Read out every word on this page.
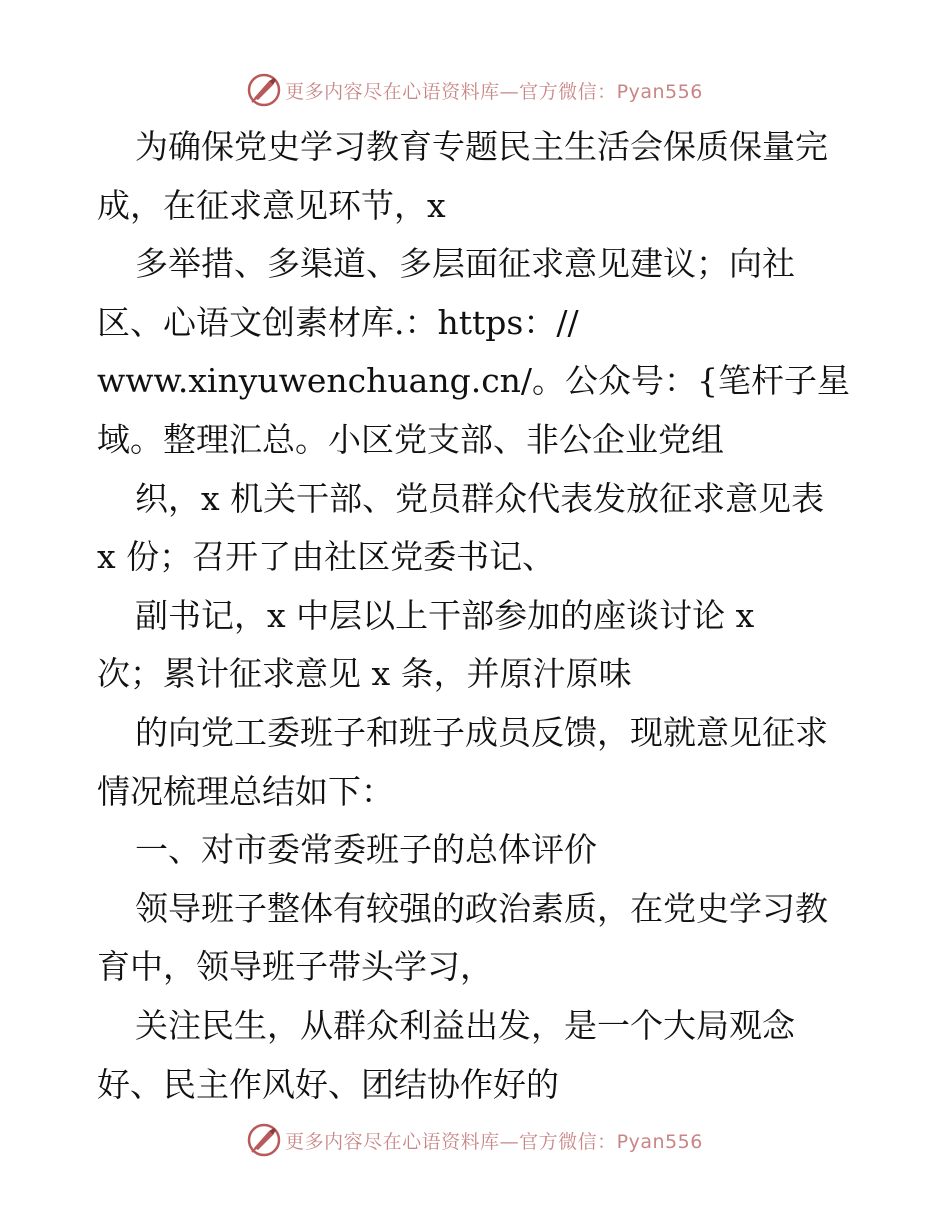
更多内容尽在心语资料库—官方微信：Pyan556
为确保党史学习教育专题民主生活会保质保量完
成，在征求意见环节，x
多举措、多渠道、多层面征求意见建议；向社
区、心语文创素材库.：https：//
www.xinyuwenchuang.cn/。公众号：{笔杆子星
域。整理汇总。小区党支部、非公企业党组
织，x 机关干部、党员群众代表发放征求意见表
x 份；召开了由社区党委书记、
副书记，x 中层以上干部参加的座谈讨论 x
次；累计征求意见 x 条，并原汁原味
的向党工委班子和班子成员反馈，现就意见征求
情况梳理总结如下：
一、对市委常委班子的总体评价
领导班子整体有较强的政治素质，在党史学习教
育中，领导班子带头学习，
关注民生，从群众利益出发，是一个大局观念
好、民主作风好、团结协作好的
更多内容尽在心语资料库—官方微信：Pyan556
